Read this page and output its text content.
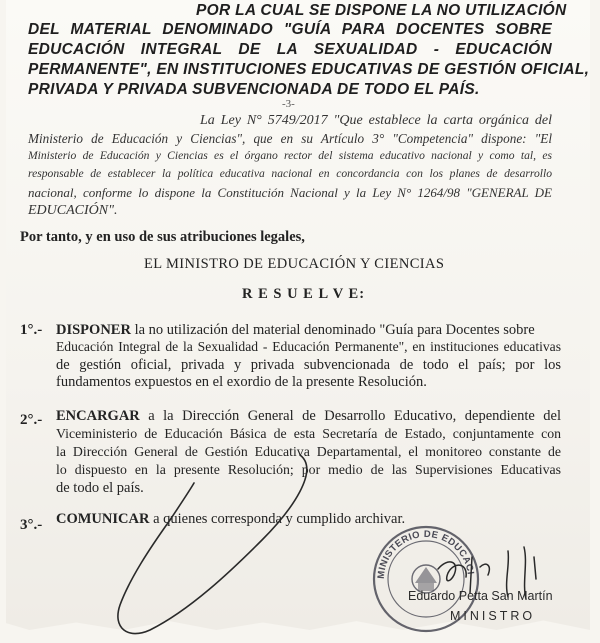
POR LA CUAL SE DISPONE LA NO UTILIZACIÓN
DEL MATERIAL DENOMINADO "GUÍA PARA DOCENTES SOBRE
EDUCACIÓN INTEGRAL DE LA SEXUALIDAD - EDUCACIÓN
PERMANENTE", EN INSTITUCIONES EDUCATIVAS DE GESTIÓN OFICIAL,
PRIVADA Y PRIVADA SUBVENCIONADA DE TODO EL PAÍS.
-3-
La Ley N° 5749/2017 "Que establece la carta orgánica del
Ministerio de Educación y Ciencias", que en su Artículo 3° "Competencia" dispone: "El
Ministerio de Educación y Ciencias es el órgano rector del sistema educativo nacional y como tal, es
responsable de establecer la política educativa nacional en concordancia con los planes de desarrollo
nacional, conforme lo dispone la Constitución Nacional y la Ley N° 1264/98 "GENERAL DE
EDUCACIÓN".
Por tanto, y en uso de sus atribuciones legales,
EL MINISTRO DE EDUCACIÓN Y CIENCIAS
R E S U E L V E:
1°.- DISPONER la no utilización del material denominado "Guía para Docentes sobre
Educación Integral de la Sexualidad - Educación Permanente", en instituciones educativas
de gestión oficial, privada y privada subvencionada de todo el país; por los
fundamentos expuestos en el exordio de la presente Resolución.
2°.- ENCARGAR a la Dirección General de Desarrollo Educativo, dependiente del
Viceministerio de Educación Básica de esta Secretaría de Estado, conjuntamente con
la Dirección General de Gestión Educativa Departamental, el monitoreo constante de
lo dispuesto en la presente Resolución; por medio de las Supervisiones Educativas
de todo el país.
3°.- COMUNICAR a quienes corresponda y cumplido archivar.
MINISTERIO DE EDUCACI
Eduardo Petta San Martín
MINISTRO
